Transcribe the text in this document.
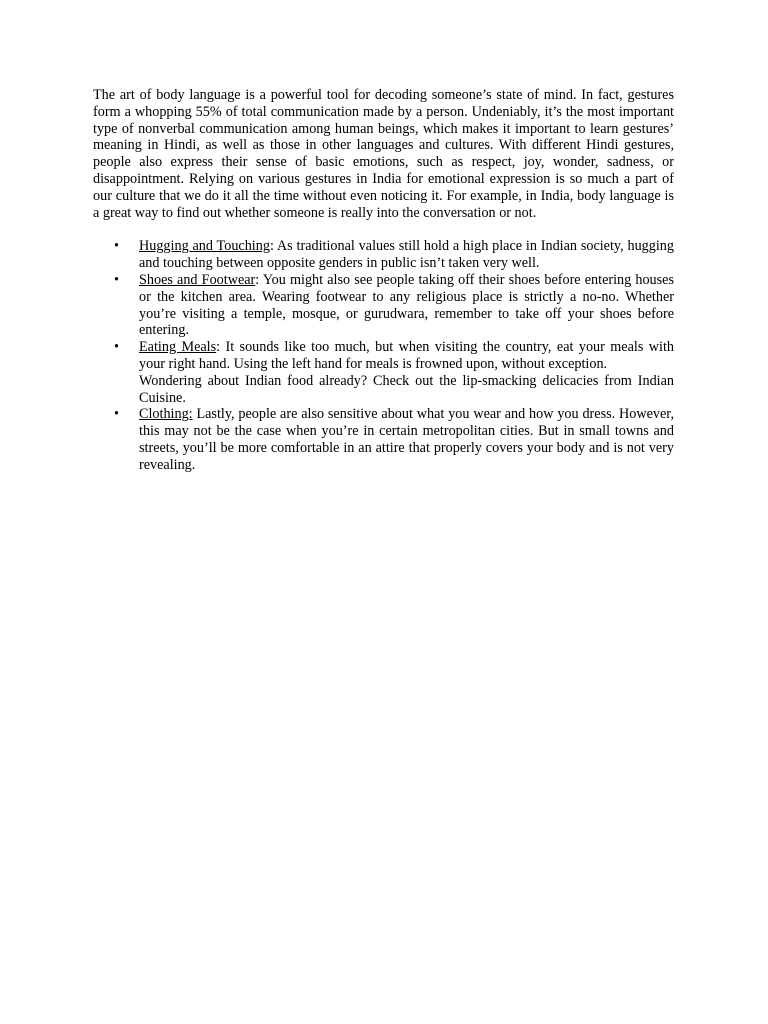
The art of body language is a powerful tool for decoding someone’s state of mind. In fact, gestures form a whopping 55% of total communication made by a person. Undeniably, it’s the most important type of nonverbal communication among human beings, which makes it important to learn gestures’ meaning in Hindi, as well as those in other languages and cultures. With different Hindi gestures, people also express their sense of basic emotions, such as respect, joy, wonder, sadness, or disappointment. Relying on various gestures in India for emotional expression is so much a part of our culture that we do it all the time without even noticing it. For example, in India, body language is a great way to find out whether someone is really into the conversation or not.

• Hugging and Touching: As traditional values still hold a high place in Indian society, hugging and touching between opposite genders in public isn’t taken very well.
• Shoes and Footwear: You might also see people taking off their shoes before entering houses or the kitchen area. Wearing footwear to any religious place is strictly a no-no. Whether you’re visiting a temple, mosque, or gurudwara, remember to take off your shoes before entering.
• Eating Meals: It sounds like too much, but when visiting the country, eat your meals with your right hand. Using the left hand for meals is frowned upon, without exception.
Wondering about Indian food already? Check out the lip-smacking delicacies from Indian Cuisine.
• Clothing: Lastly, people are also sensitive about what you wear and how you dress. However, this may not be the case when you’re in certain metropolitan cities. But in small towns and streets, you’ll be more comfortable in an attire that properly covers your body and is not very revealing.
